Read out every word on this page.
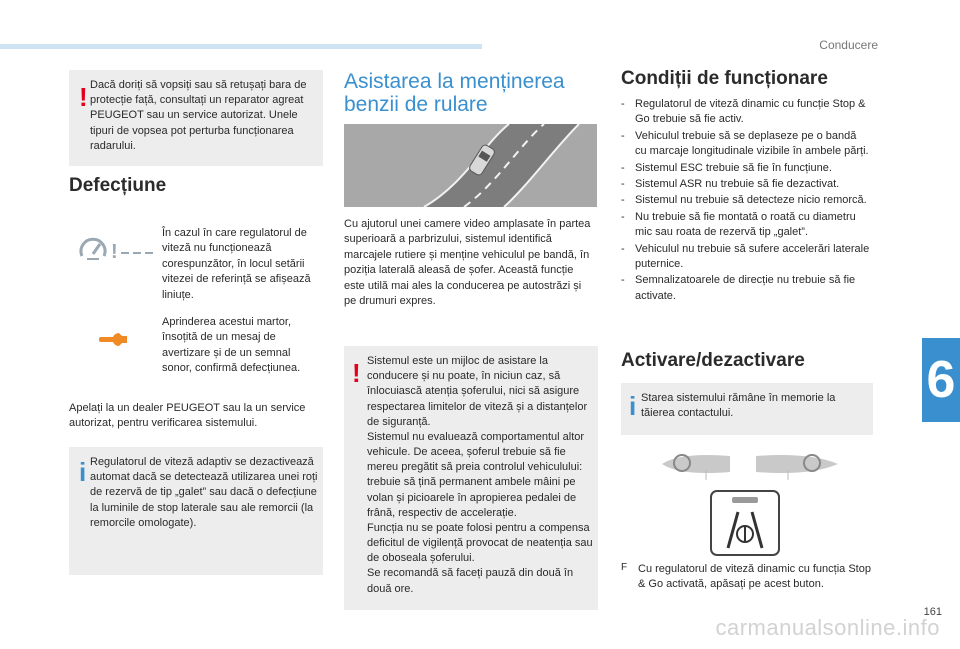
Conducere
6
161
carmanualsonline.info
! Dacă doriți să vopsiți sau să retușați bara de protecție față, consultați un reparator agreat PEUGEOT sau un service autorizat. Unele tipuri de vopsea pot perturba funcționarea radarului.
Defecțiune
!
În cazul în care regulatorul de viteză nu funcționează corespunzător, în locul setării vitezei de referință se afișează liniuțe.
Aprinderea acestui martor, însoțită de un mesaj de avertizare și de un semnal sonor, confirmă defecțiunea.
Apelați la un dealer PEUGEOT sau la un service autorizat, pentru verificarea sistemului.
i Regulatorul de viteză adaptiv se dezactivează automat dacă se detectează utilizarea unei roți de rezervă de tip „galet” sau dacă o defecțiune la luminile de stop laterale sau ale remorcii (la remorcile omologate).
Asistarea la menținerea
benzii de rulare
Cu ajutorul unei camere video amplasate în partea superioară a parbrizului, sistemul identifică marcajele rutiere și menține vehiculul pe bandă, în poziția laterală aleasă de șofer. Această funcție este utilă mai ales la conducerea pe autostrăzi și pe drumuri expres.
! Sistemul este un mijloc de asistare la conducere și nu poate, în niciun caz, să înlocuiască atenția șoferului, nici să asigure respectarea limitelor de viteză și a distanțelor de siguranță.
Sistemul nu evaluează comportamentul altor vehicule. De aceea, șoferul trebuie să fie mereu pregătit să preia controlul vehiculului: trebuie să țină permanent ambele mâini pe volan și picioarele în apropierea pedalei de frână, respectiv de accelerație.
Funcția nu se poate folosi pentru a compensa deficitul de vigilență provocat de neatenția sau de oboseala șoferului.
Se recomandă să faceți pauză din două în două ore.
Condiții de funcționare
- Regulatorul de viteză dinamic cu funcție Stop & Go trebuie să fie activ.
- Vehiculul trebuie să se deplaseze pe o bandă cu marcaje longitudinale vizibile în ambele părți.
- Sistemul ESC trebuie să fie în funcțiune.
- Sistemul ASR nu trebuie să fie dezactivat.
- Sistemul nu trebuie să detecteze nicio remorcă.
- Nu trebuie să fie montată o roată cu diametru mic sau roata de rezervă tip „galet”.
- Vehiculul nu trebuie să sufere accelerări laterale puternice.
- Semnalizatoarele de direcție nu trebuie să fie activate.
Activare/dezactivare
i Starea sistemului rămâne în memorie la tăierea contactului.
F Cu regulatorul de viteză dinamic cu funcția Stop & Go activată, apăsați pe acest buton.
